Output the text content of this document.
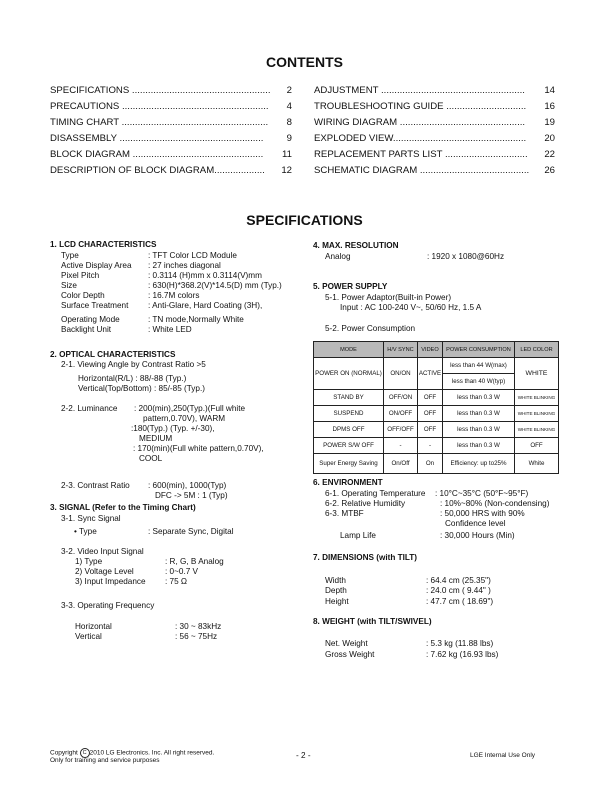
CONTENTS
SPECIFICATIONS ....................................................	2
PRECAUTIONS .......................................................	4
TIMING CHART .......................................................	8
DISASSEMBLY ......................................................	9
BLOCK DIAGRAM .................................................	11
DESCRIPTION OF BLOCK DIAGRAM...................	12
ADJUSTMENT ......................................................	14
TROUBLESHOOTING GUIDE ..............................	16
WIRING DIAGRAM ...............................................	19
EXPLODED VIEW..................................................	20
REPLACEMENT PARTS LIST ...............................	22
SCHEMATIC DIAGRAM .........................................	26
SPECIFICATIONS
1. LCD CHARACTERISTICS
Type	: TFT Color LCD Module
Active Display Area : 27 inches diagonal
Pixel Pitch	: 0.3114 (H)mm x 0.3114(V)mm
Size	: 630(H)*368.2(V)*14.5(D) mm (Typ.)
Color Depth	: 16.7M colors
Surface Treatment : Anti-Glare, Hard Coating (3H),
Operating Mode	: TN mode,Normally White
Backlight Unit	: White LED
2. OPTICAL CHARACTERISTICS
2-1. Viewing Angle by Contrast Ratio >5
Horizontal(R/L) : 88/-88 (Typ.)
Vertical(Top/Bottom) : 85/-85 (Typ.)
2-2. Luminance : 200(min),250(Typ.)(Full white
pattern,0.70V), WARM
:180(Typ.) (Typ. +/-30),
MEDIUM
: 170(min)(Full white pattern,0.70V),
COOL
2-3. Contrast Ratio : 600(min), 1000(Typ)
DFC -> 5M : 1 (Typ)
3. SIGNAL (Refer to the Timing Chart)
3-1. Sync Signal
• Type	: Separate Sync, Digital
3-2. Video Input Signal
1) Type	: R, G, B Analog
2) Voltage Level	: 0~0.7 V
3) Input Impedance : 75 Ω
3-3. Operating Frequency
Horizontal	: 30 ~ 83kHz
Vertical	: 56 ~ 75Hz
4. MAX. RESOLUTION
Analog	: 1920 x 1080@60Hz
5. POWER SUPPLY
5-1. Power Adaptor(Built-in Power)
Input : AC 100-240 V~, 50/60 Hz, 1.5 A
5-2. Power Consumption
MODE	H/V SYNC	VIDEO	POWER CONSUMPTION	LED COLOR
POWER ON (NORMAL)	ON/ON	ACTIVE	less than 44 W(max)	WHITE
			less than 40 W(typ)	
STAND BY	OFF/ON	OFF	less than 0.3 W	WHITE BLINKING
SUSPEND	ON/OFF	OFF	less than 0.3 W	WHITE BLINKING
DPMS OFF	OFF/OFF	OFF	less than 0.3 W	WHITE BLINKING
POWER S/W OFF	-	-	less than 0.3 W	OFF
Super Energy Saving	On/Off	On	Efficiency: up to25%	White
6. ENVIRONMENT
6-1. Operating Temperature : 10°C~35°C (50°F~95°F)
6-2. Relative Humidity	: 10%~80% (Non-condensing)
6-3. MTBF	: 50,000 HRS with 90%
Confidence level
Lamp Life	: 30,000 Hours (Min)
7. DIMENSIONS (with TILT)
Width	: 64.4 cm (25.35")
Depth	: 24.0 cm ( 9.44" )
Height	: 47.7 cm ( 18.69")
8. WEIGHT (with TILT/SWIVEL)
Net. Weight	: 5.3 kg (11.88 lbs)
Gross Weight	: 7.62 kg (16.93 lbs)
Copyright C 2010 LG Electronics. Inc. All right reserved.
Only for training and service purposes
- 2 -	LGE Internal Use Only
